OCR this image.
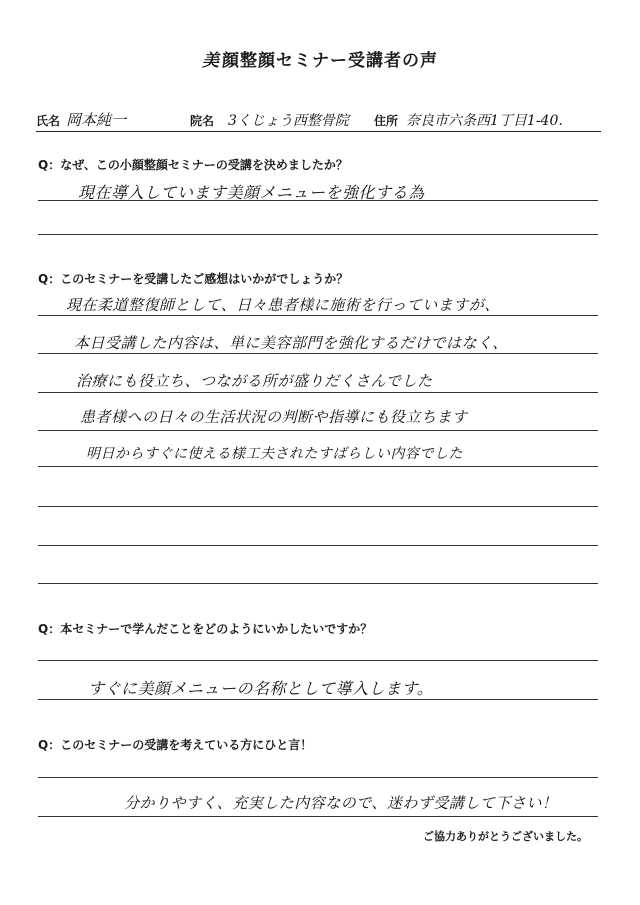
美 顔整顔セミナー受講者の声
氏名 岡本純一	院名 3くじょう西整骨院 住所 奈良市六条西1丁目1-40.
Q：なぜ、この小顔整顔セミナーの受講を決めましたか？
現在導入しています美顔メニューを強化する為
Q：このセミナーを受講したご感想はいかがでしょうか？
現在柔道整復師として、日々患者様に施術を行っていますが、
本日受講した内容は、単に美容部門を強化するだけではなく、
治療にも役立ち、つながる所が盛りだくさんでした
患者様への日々の生活状況の判断や指導にも役立ちます
明日からすぐに使える様工夫されたすばらしい内容でした
Q：本セミナーで学んだことをどのようにいかしたいですか？
すぐに美顔メニューの名称として導入します。
Q：このセミナーの受講を考えている方にひと言！
分かりやすく、充実した内容なので、迷わず受講して下さい！
ご協力ありがとうございました。
